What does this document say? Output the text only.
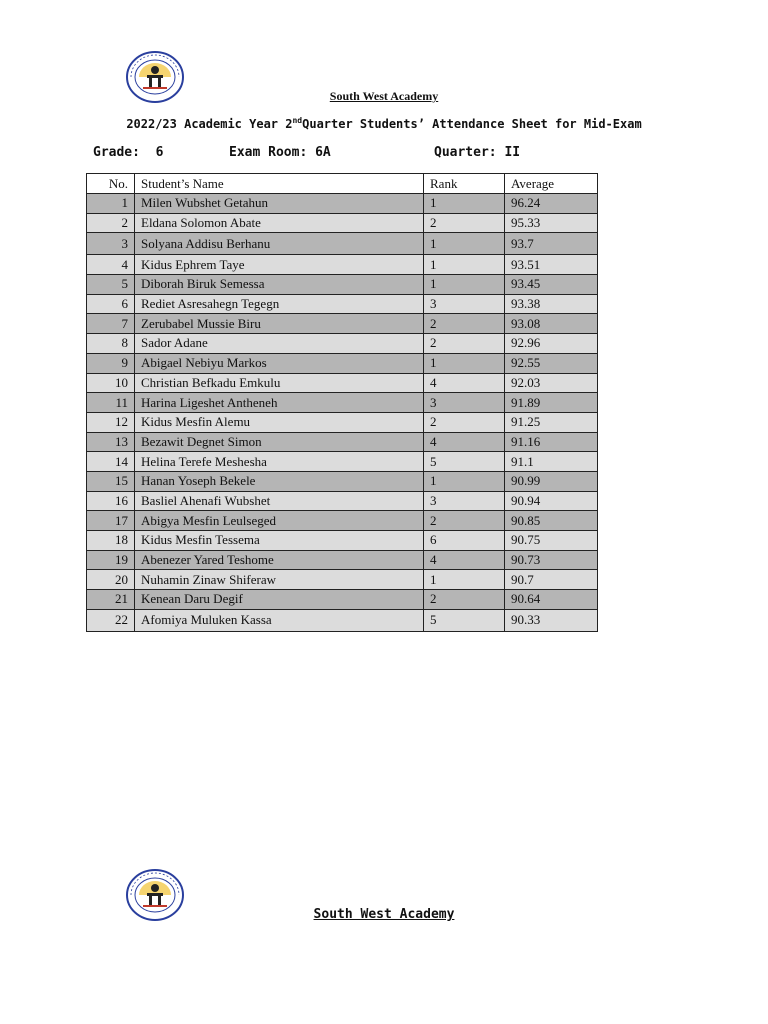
South West Academy
2022/23 Academic Year 2ndQuarter Students’ Attendance Sheet for Mid-Exam
Grade:  6	Exam Room: 6A	Quarter: II
No.	Student’s Name	Rank	Average
1	Milen Wubshet Getahun	1	96.24
2	Eldana Solomon Abate	2	95.33
3	Solyana Addisu Berhanu	1	93.7
4	Kidus Ephrem Taye	1	93.51
5	Diborah Biruk Semessa	1	93.45
6	Rediet Asresahegn Tegegn	3	93.38
7	Zerubabel Mussie Biru	2	93.08
8	Sador Adane	2	92.96
9	Abigael Nebiyu Markos	1	92.55
10	Christian Befkadu Emkulu	4	92.03
11	Harina Ligeshet Antheneh	3	91.89
12	Kidus Mesfin Alemu	2	91.25
13	Bezawit Degnet Simon	4	91.16
14	Helina Terefe Meshesha	5	91.1
15	Hanan Yoseph Bekele	1	90.99
16	Basliel Ahenafi Wubshet	3	90.94
17	Abigya Mesfin Leulseged	2	90.85
18	Kidus Mesfin Tessema	6	90.75
19	Abenezer Yared Teshome	4	90.73
20	Nuhamin Zinaw Shiferaw	1	90.7
21	Kenean Daru Degif	2	90.64
22	Afomiya Muluken Kassa	5	90.33
South West Academy
